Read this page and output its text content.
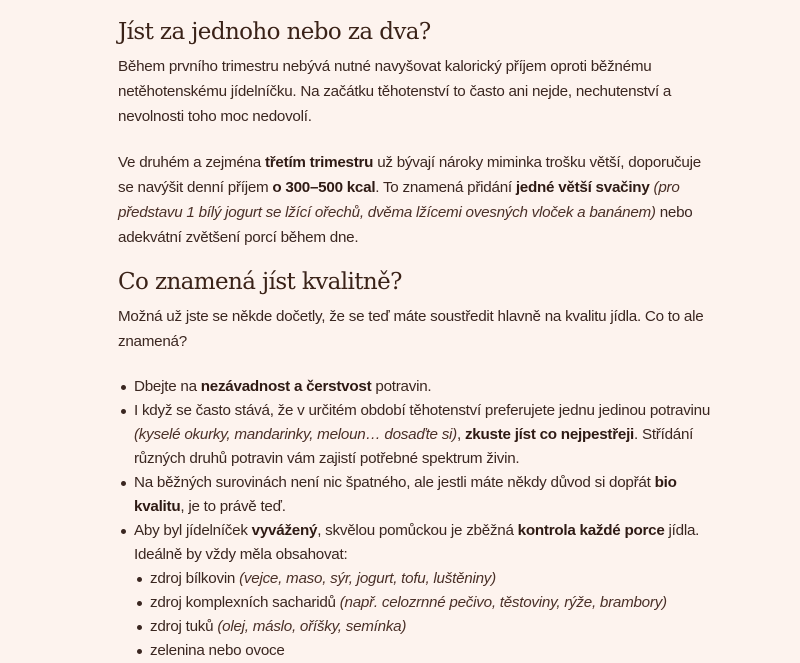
Jíst za jednoho nebo za dva?

Během prvního trimestru nebývá nutné navyšovat kalorický příjem oproti běžnému netěhotenskému jídelníčku. Na začátku těhotenství to často ani nejde, nechutenství a nevolnosti toho moc nedovolí.

Ve druhém a zejména třetím trimestru už bývají nároky miminka trošku větší, doporučuje se navýšit denní příjem o 300–500 kcal. To znamená přidání jedné větší svačiny (pro představu 1 bílý jogurt se lžící ořechů, dvěma lžícemi ovesných vloček a banánem) nebo adekvátní zvětšení porcí během dne.

Co znamená jíst kvalitně?

Možná už jste se někde dočetly, že se teď máte soustředit hlavně na kvalitu jídla. Co to ale znamená?

Dbejte na nezávadnost a čerstvost potravin.
I když se často stává, že v určitém období těhotenství preferujete jednu jedinou potravinu (kyselé okurky, mandarinky, meloun… dosaďte si), zkuste jíst co nejpestřeji. Střídání různých druhů potravin vám zajistí potřebné spektrum živin.
Na běžných surovinách není nic špatného, ale jestli máte někdy důvod si dopřát bio kvalitu, je to právě teď.
Aby byl jídelníček vyvážený, skvělou pomůckou je zběžná kontrola každé porce jídla. Ideálně by vždy měla obsahovat:
zdroj bílkovin (vejce, maso, sýr, jogurt, tofu, luštěniny)
zdroj komplexních sacharidů (např. celozrnné pečivo, těstoviny, rýže, brambory)
zdroj tuků (olej, máslo, oříšky, semínka)
zelenina nebo ovoce
